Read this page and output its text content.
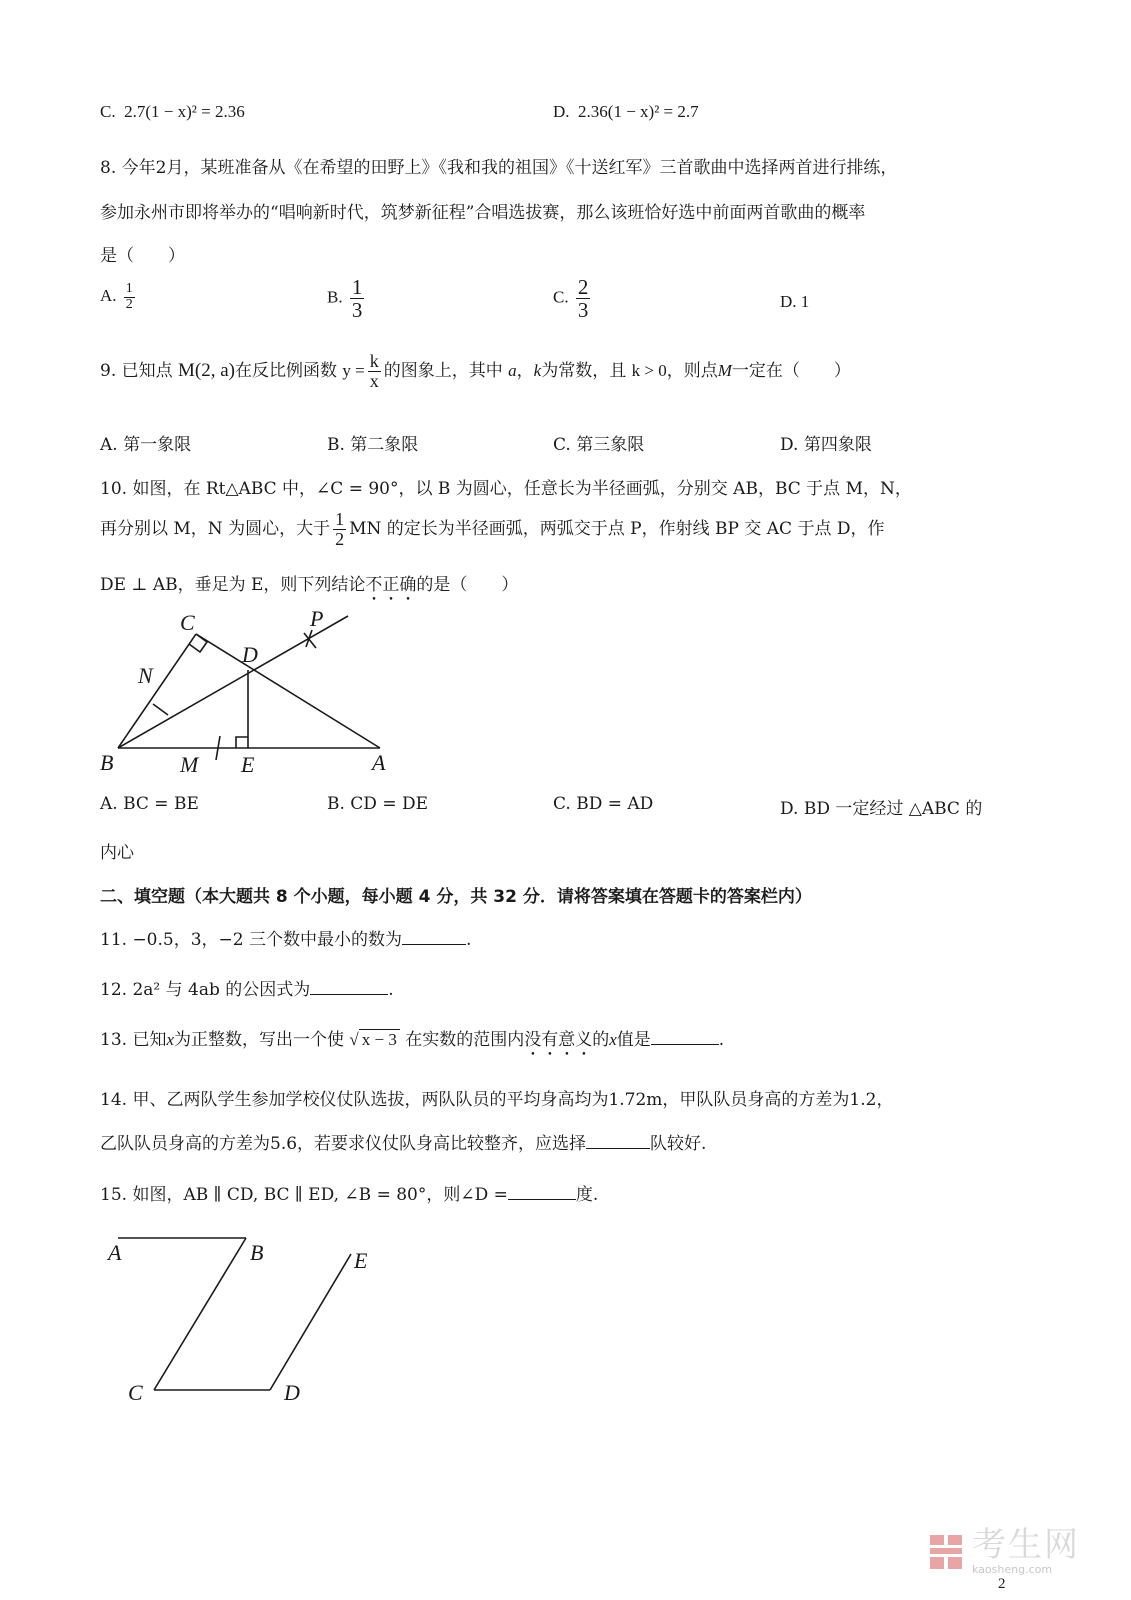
C. 2.7(1 − x)² = 2.36	D. 2.36(1 − x)² = 2.7
8. 今年2月，某班准备从《在希望的田野上》《我和我的祖国》《十送红军》三首歌曲中选择两首进行排练，
参加永州市即将举办的“唱响新时代，筑梦新征程”合唱选拔赛，那么该班恰好选中前面两首歌曲的概率
是（　　）
A. $\frac{1}{2}$	B. $\frac{1}{3}$	C. $\frac{2}{3}$	D. 1
9. 已知点 M(2, a)在反比例函数 $y = \frac{k}{x}$ 的图象上，其中 a，k为常数，且 k > 0，则点M一定在（　　）
A. 第一象限	B. 第二象限	C. 第三象限	D. 第四象限
10. 如图，在 Rt△ABC 中，∠C = 90°，以 B 为圆心，任意长为半径画弧，分别交 AB，BC 于点 M，N，
再分别以 M，N 为圆心，大于 $\frac{1}{2}$ MN 的定长为半径画弧，两弧交于点 P，作射线 BP 交 AC 于点 D，作
DE ⊥ AB，垂足为 E，则下列结论不正确的是（　　）
C	P
N
D
B	M E	A
A. BC = BE	B. CD = DE	C. BD = AD	D. BD 一定经过 △ABC 的
内心
二、填空题（本大题共 8 个小题，每小题 4 分，共 32 分．请将答案填在答题卡的答案栏内）
11. −0.5，3，−2 三个数中最小的数为	.
12. 2a² 与 4ab 的公因式为	.
13. 已知x为正整数，写出一个使 √ x − 3 在实数的范围内没有意义的x值是	.
14. 甲、乙两队学生参加学校仪仗队选拔，两队队员的平均身高均为1.72m，甲队队员身高的方差为1.2，
乙队队员身高的方差为5.6，若要求仪仗队身高比较整齐，应选择	队较好.
15. 如图，AB ∥ CD, BC ∥ ED, ∠B = 80°，则∠D =	度.
A	B	E
C	D
考生网
kaosheng.com
2
